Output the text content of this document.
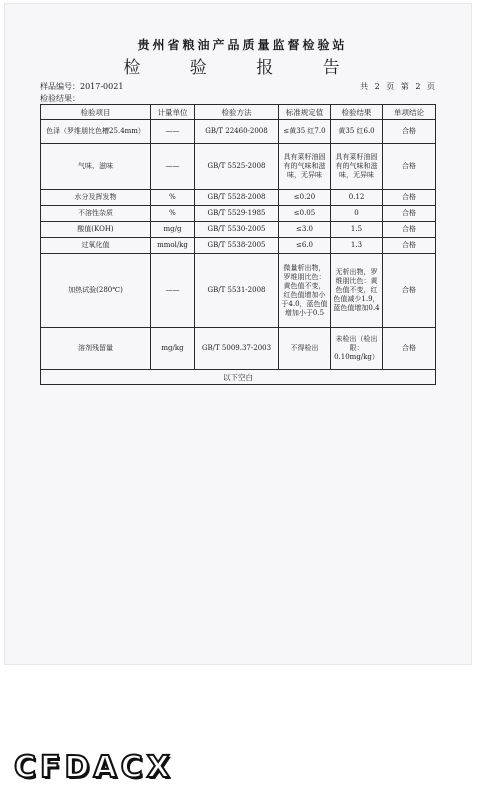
贵州省粮油产品质量监督检验站
检 验 报 告
样品编号：2017-0021	共 2 页 第 2 页
检验结果：
检验项目	计量单位	检验方法	标准规定值	检验结果	单项结论
色泽（罗维朋比色槽25.4mm）	——	GB/T 22460-2008	≤黄35 红7.0	黄35 红6.0	合格
气味、滋味	——	GB/T 5525-2008	具有菜籽油固有的气味和滋味，无异味	具有菜籽油固有的气味和滋味，无异味	合格
水分及挥发物	%	GB/T 5528-2008	≤0.20	0.12	合格
不溶性杂质	%	GB/T 5529-1985	≤0.05	0	合格
酸值(KOH)	mg/g	GB/T 5530-2005	≤3.0	1.5	合格
过氧化值	mmol/kg	GB/T 5538-2005	≤6.0	1.3	合格
加热试验(280℃)	——	GB/T 5531-2008	微量析出物，罗维朋比色：黄色值不变，红色值增加小于4.0，蓝色值增加小于0.5	无析出物，罗维朋比色：黄色值不变，红色值减少1.9，蓝色值增加0.4	合格
溶剂残留量	mg/kg	GB/T 5009.37-2003	不得检出	未检出（检出限：0.10mg/kg）	合格
以下空白					
CFDACX
